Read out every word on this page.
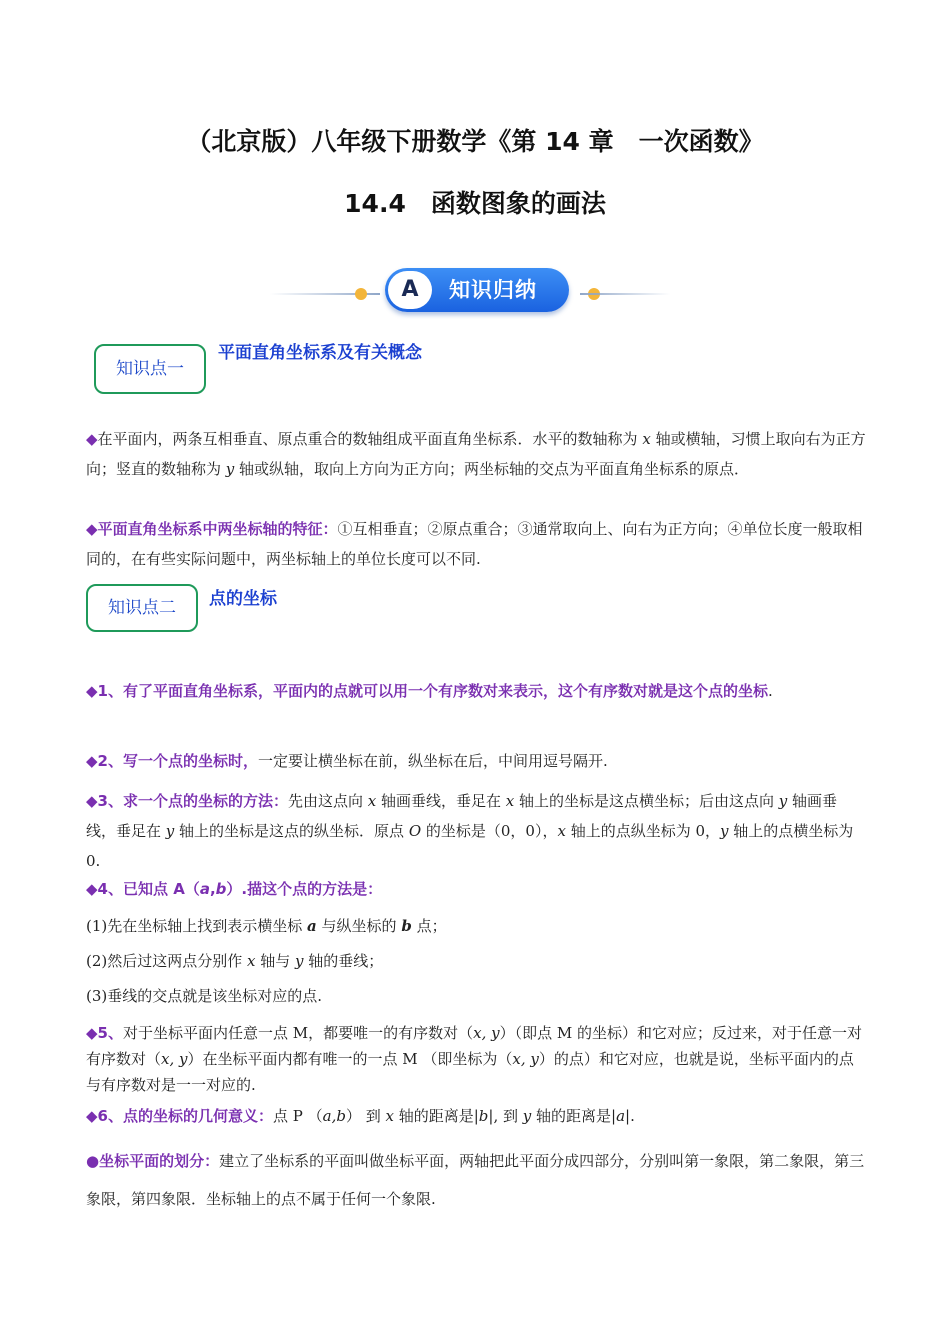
（北京版）八年级下册数学《第 14 章　一次函数》
14.4　函数图象的画法
A	知识归纳
知识点一
平面直角坐标系及有关概念
◆在平面内，两条互相垂直、原点重合的数轴组成平面直角坐标系．水平的数轴称为 x 轴或横轴，习惯上取向右为正方向；竖直的数轴称为 y 轴或纵轴，取向上方向为正方向；两坐标轴的交点为平面直角坐标系的原点．
◆平面直角坐标系中两坐标轴的特征：①互相垂直；②原点重合；③通常取向上、向右为正方向；④单位长度一般取相同的，在有些实际问题中，两坐标轴上的单位长度可以不同.
知识点二	点的坐标
◆1、有了平面直角坐标系，平面内的点就可以用一个有序数对来表示，这个有序数对就是这个点的坐标.
◆2、写一个点的坐标时，一定要让横坐标在前，纵坐标在后，中间用逗号隔开.
◆3、求一个点的坐标的方法：先由这点向 x 轴画垂线，垂足在 x 轴上的坐标是这点横坐标；后由这点向 y 轴画垂线，垂足在 y 轴上的坐标是这点的纵坐标．原点 O 的坐标是（0，0），x 轴上的点纵坐标为 0，y 轴上的点横坐标为 0.
◆4、已知点 A（a,b）.描这个点的方法是：
(1)先在坐标轴上找到表示横坐标 a 与纵坐标的 b 点；
(2)然后过这两点分别作 x 轴与 y 轴的垂线；
(3)垂线的交点就是该坐标对应的点.
◆5、对于坐标平面内任意一点 M，都要唯一的有序数对（x, y）（即点 M 的坐标）和它对应；反过来，对于任意一对有序数对（x, y）在坐标平面内都有唯一的一点 M （即坐标为（x, y）的点）和它对应，也就是说，坐标平面内的点与有序数对是一一对应的.
◆6、点的坐标的几何意义：点 P （a,b） 到 x 轴的距离是|b|, 到 y 轴的距离是|a|.
●坐标平面的划分：建立了坐标系的平面叫做坐标平面，两轴把此平面分成四部分，分别叫第一象限，第二象限，第三象限，第四象限．坐标轴上的点不属于任何一个象限.
